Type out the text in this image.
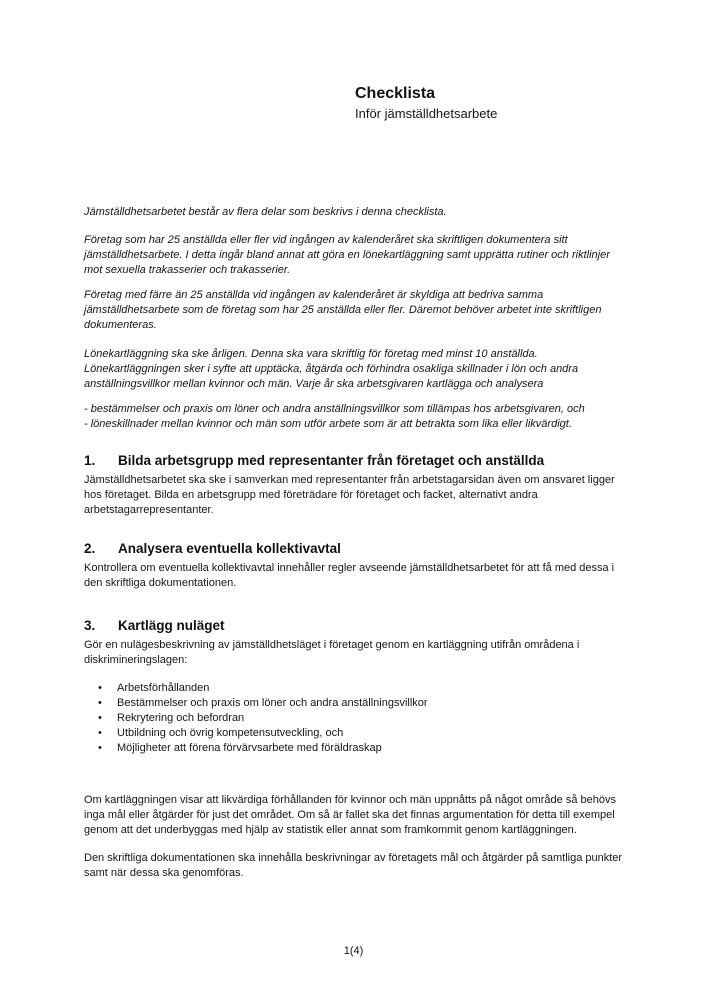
Checklista
Inför jämställdhetsarbete

Jämställdhetsarbetet består av flera delar som beskrivs i denna checklista.

Företag som har 25 anställda eller fler vid ingången av kalenderåret ska skriftligen dokumentera sitt jämställdhetsarbete. I detta ingår bland annat att göra en lönekartläggning samt upprätta rutiner och riktlinjer mot sexuella trakasserier och trakasserier.

Företag med färre än 25 anställda vid ingången av kalenderåret är skyldiga att bedriva samma jämställdhetsarbete som de företag som har 25 anställda eller fler. Däremot behöver arbetet inte skriftligen dokumenteras.

Lönekartläggning ska ske årligen. Denna ska vara skriftlig för företag med minst 10 anställda. Lönekartläggningen sker i syfte att upptäcka, åtgärda och förhindra osakliga skillnader i lön och andra anställningsvillkor mellan kvinnor och män. Varje år ska arbetsgivaren kartlägga och analysera

- bestämmelser och praxis om löner och andra anställningsvillkor som tillämpas hos arbetsgivaren, och
- löneskillnader mellan kvinnor och män som utför arbete som är att betrakta som lika eller likvärdigt.
1.	Bilda arbetsgrupp med representanter från företaget och anställda

Jämställdhetsarbetet ska ske i samverkan med representanter från arbetstagarsidan även om ansvaret ligger hos företaget. Bilda en arbetsgrupp med företrädare för företaget och facket, alternativt andra arbetstagarrepresentanter.

2.	Analysera eventuella kollektivavtal

Kontrollera om eventuella kollektivavtal innehåller regler avseende jämställdhetsarbetet för att få med dessa i den skriftliga dokumentationen.

3.	Kartlägg nuläget

Gör en nulägesbeskrivning av jämställdhetsläget i företaget genom en kartläggning utifrån områdena i diskrimineringslagen:

• Arbetsförhållanden
• Bestämmelser och praxis om löner och andra anställningsvillkor
• Rekrytering och befordran
• Utbildning och övrig kompetensutveckling, och
• Möjligheter att förena förvärvsarbete med föräldraskap

Om kartläggningen visar att likvärdiga förhållanden för kvinnor och män uppnåtts på något område så behövs inga mål eller åtgärder för just det området. Om så är fallet ska det finnas argumentation för detta till exempel genom att det underbyggas med hjälp av statistik eller annat som framkommit genom kartläggningen.

Den skriftliga dokumentationen ska innehålla beskrivningar av företagets mål och åtgärder på samtliga punkter samt när dessa ska genomföras.

1(4)
